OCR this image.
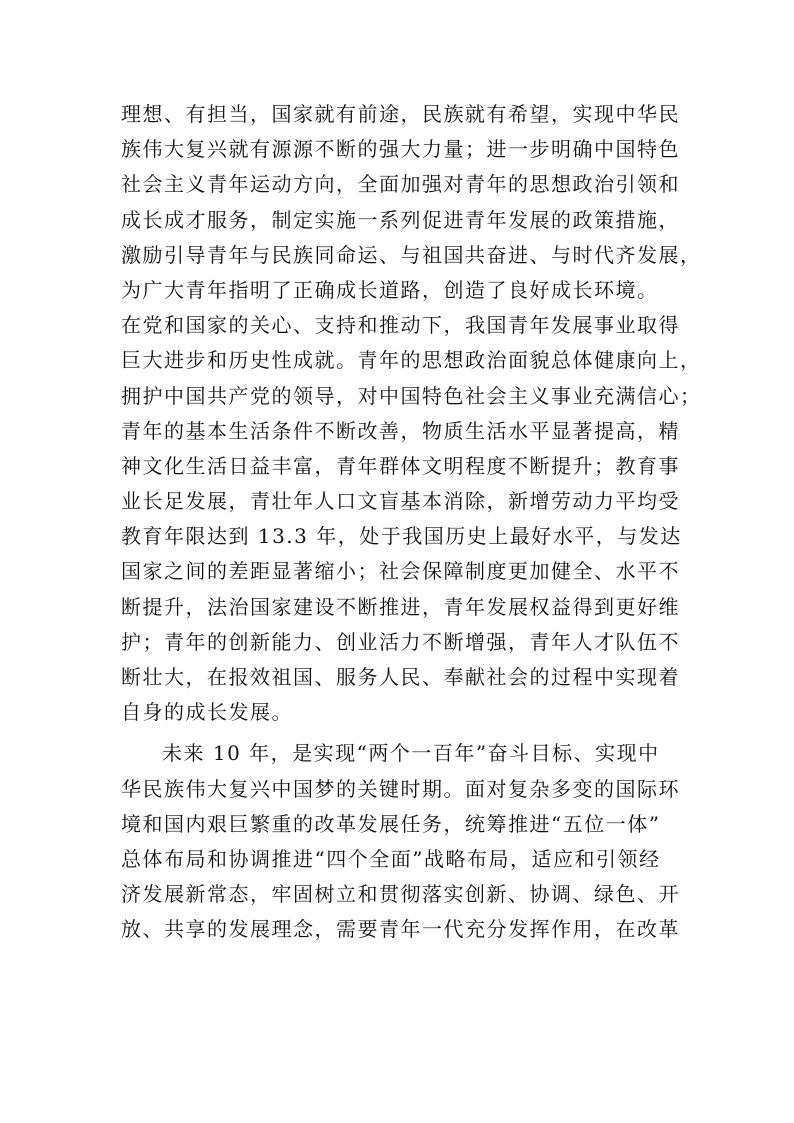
理想、有担当，国家就有前途，民族就有希望，实现中华民
族伟大复兴就有源源不断的强大力量；进一步明确中国特色
社会主义青年运动方向，全面加强对青年的思想政治引领和
成长成才服务，制定实施一系列促进青年发展的政策措施，
激励引导青年与民族同命运、与祖国共奋进、与时代齐发展，
为广大青年指明了正确成长道路，创造了良好成长环境。
在党和国家的关心、支持和推动下，我国青年发展事业取得
巨大进步和历史性成就。青年的思想政治面貌总体健康向上，
拥护中国共产党的领导，对中国特色社会主义事业充满信心；
青年的基本生活条件不断改善，物质生活水平显著提高，精
神文化生活日益丰富，青年群体文明程度不断提升；教育事
业长足发展，青壮年人口文盲基本消除，新增劳动力平均受
教育年限达到 13.3 年，处于我国历史上最好水平，与发达
国家之间的差距显著缩小；社会保障制度更加健全、水平不
断提升，法治国家建设不断推进，青年发展权益得到更好维
护；青年的创新能力、创业活力不断增强，青年人才队伍不
断壮大，在报效祖国、服务人民、奉献社会的过程中实现着
自身的成长发展。
未来 10 年，是实现“两个一百年”奋斗目标、实现中
华民族伟大复兴中国梦的关键时期。面对复杂多变的国际环
境和国内艰巨繁重的改革发展任务，统筹推进“五位一体”
总体布局和协调推进“四个全面”战略布局，适应和引领经
济发展新常态，牢固树立和贯彻落实创新、协调、绿色、开
放、共享的发展理念，需要青年一代充分发挥作用，在改革
